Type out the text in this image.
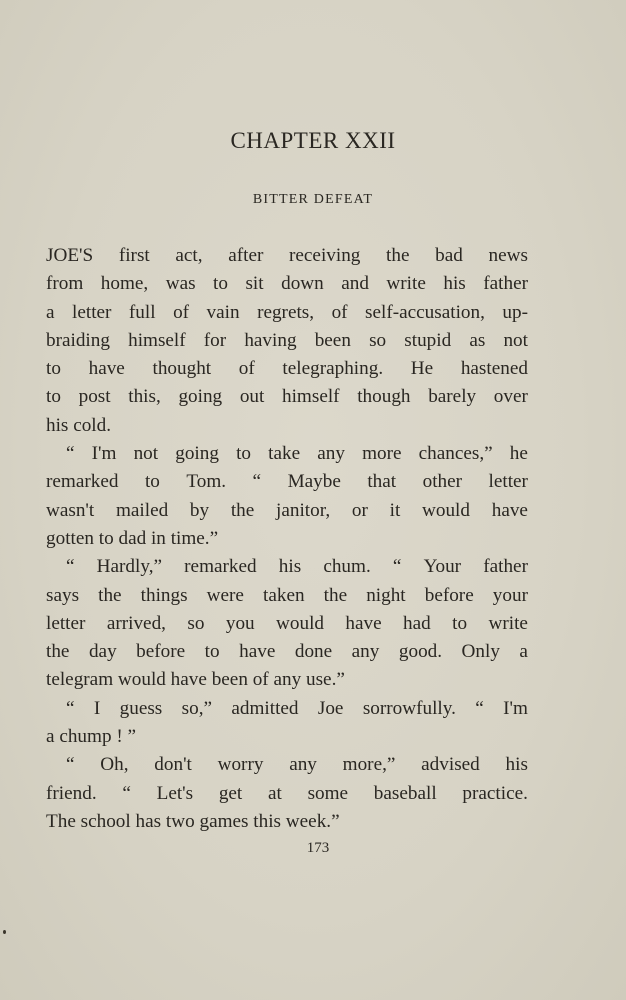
CHAPTER XXII
BITTER DEFEAT
JOE'S first act, after receiving the bad news
from home, was to sit down and write his father
a letter full of vain regrets, of self-accusation, up-
braiding himself for having been so stupid as not
to have thought of telegraphing. He hastened
to post this, going out himself though barely over
his cold.
“ I'm not going to take any more chances,” he
remarked to Tom. “ Maybe that other letter
wasn't mailed by the janitor, or it would have
gotten to dad in time.”
“ Hardly,” remarked his chum. “ Your father
says the things were taken the night before your
letter arrived, so you would have had to write
the day before to have done any good. Only a
telegram would have been of any use.”
“ I guess so,” admitted Joe sorrowfully. “ I'm
a chump ! ”
“ Oh, don't worry any more,” advised his
friend. “ Let's get at some baseball practice.
The school has two games this week.”
173
